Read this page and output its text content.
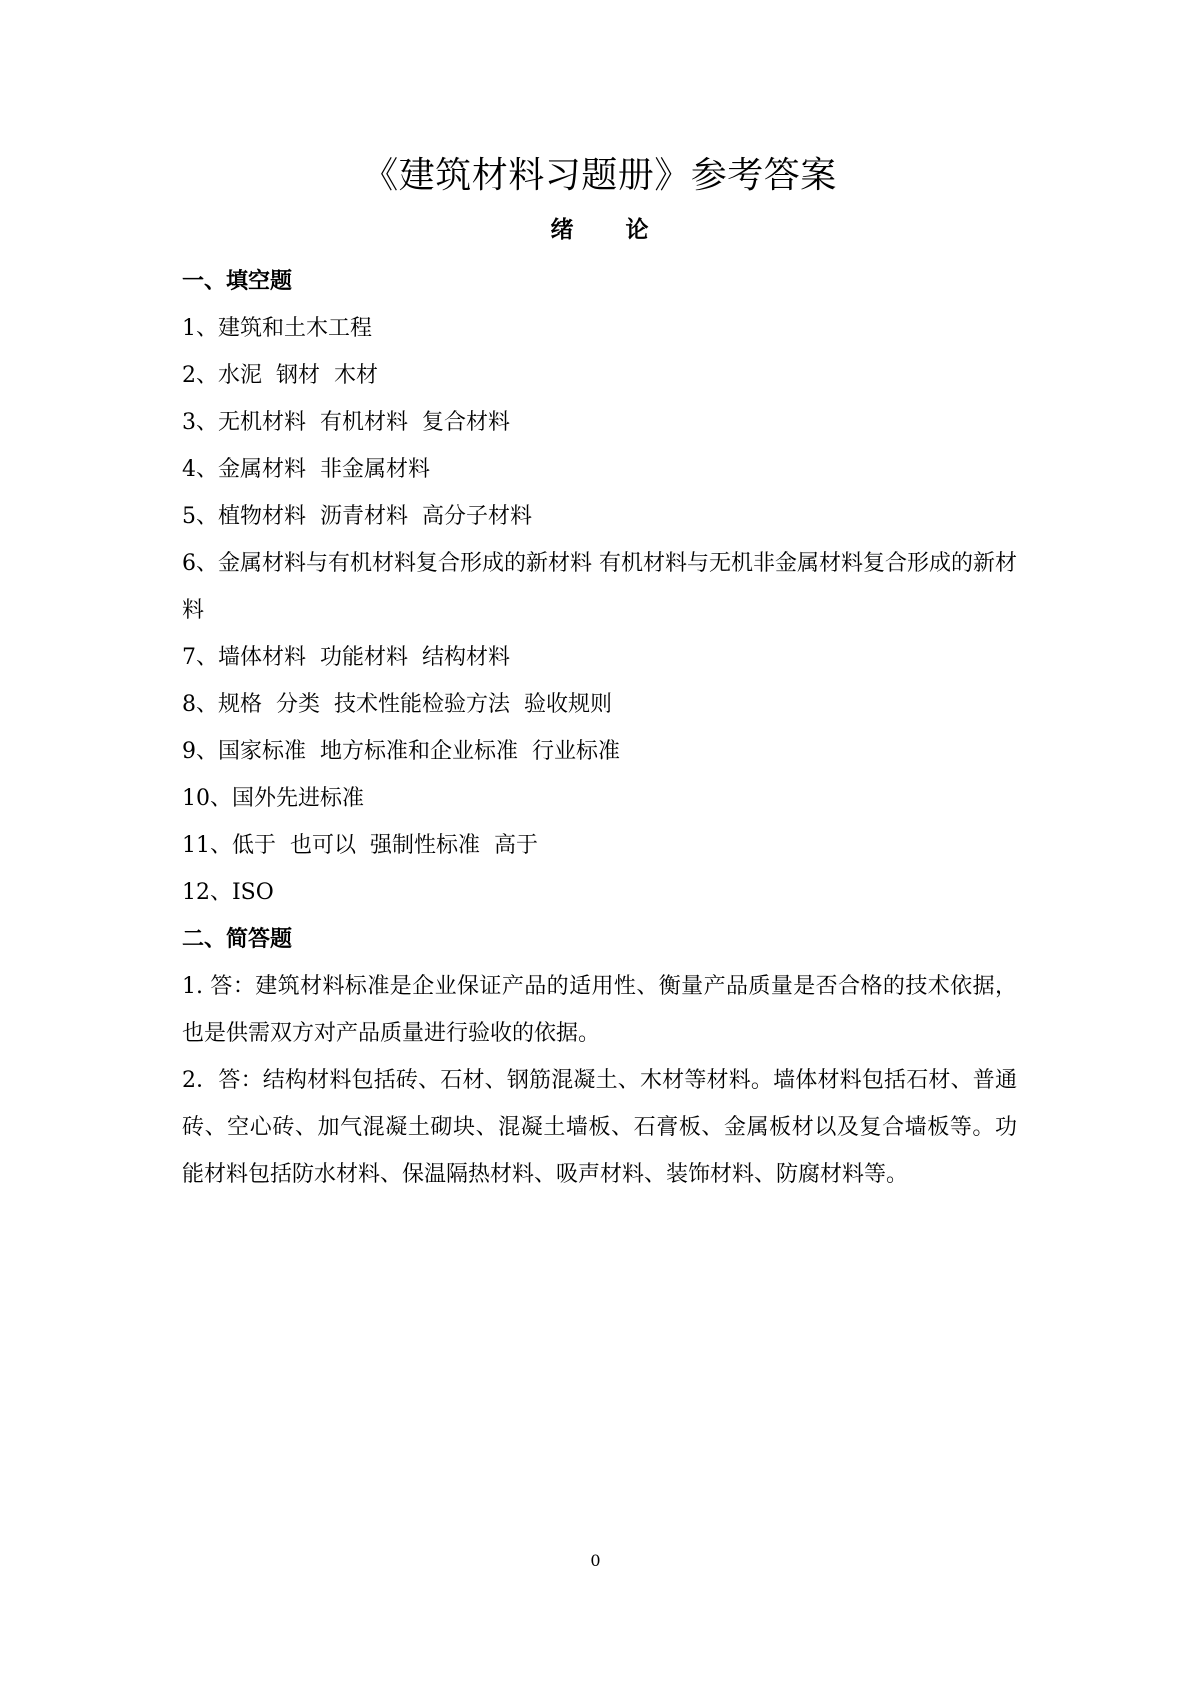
《建筑材料习题册》参考答案
绪 论

一、填空题

1、建筑和土木工程

2、水泥  钢材  木材

3、无机材料  有机材料  复合材料

4、金属材料  非金属材料

5、植物材料  沥青材料  高分子材料

6、金属材料与有机材料复合形成的新材料 有机材料与无机非金属材料复合形成的新材料

7、墙体材料  功能材料  结构材料

8、规格  分类  技术性能检验方法  验收规则

9、国家标准  地方标准和企业标准  行业标准

10、国外先进标准

11、低于  也可以  强制性标准  高于

12、ISO

二、简答题

1. 答：建筑材料标准是企业保证产品的适用性、衡量产品质量是否合格的技术依据，也是供需双方对产品质量进行验收的依据。

2．答：结构材料包括砖、石材、钢筋混凝土、木材等材料。墙体材料包括石材、普通砖、空心砖、加气混凝土砌块、混凝土墙板、石膏板、金属板材以及复合墙板等。功能材料包括防水材料、保温隔热材料、吸声材料、装饰材料、防腐材料等。

0
